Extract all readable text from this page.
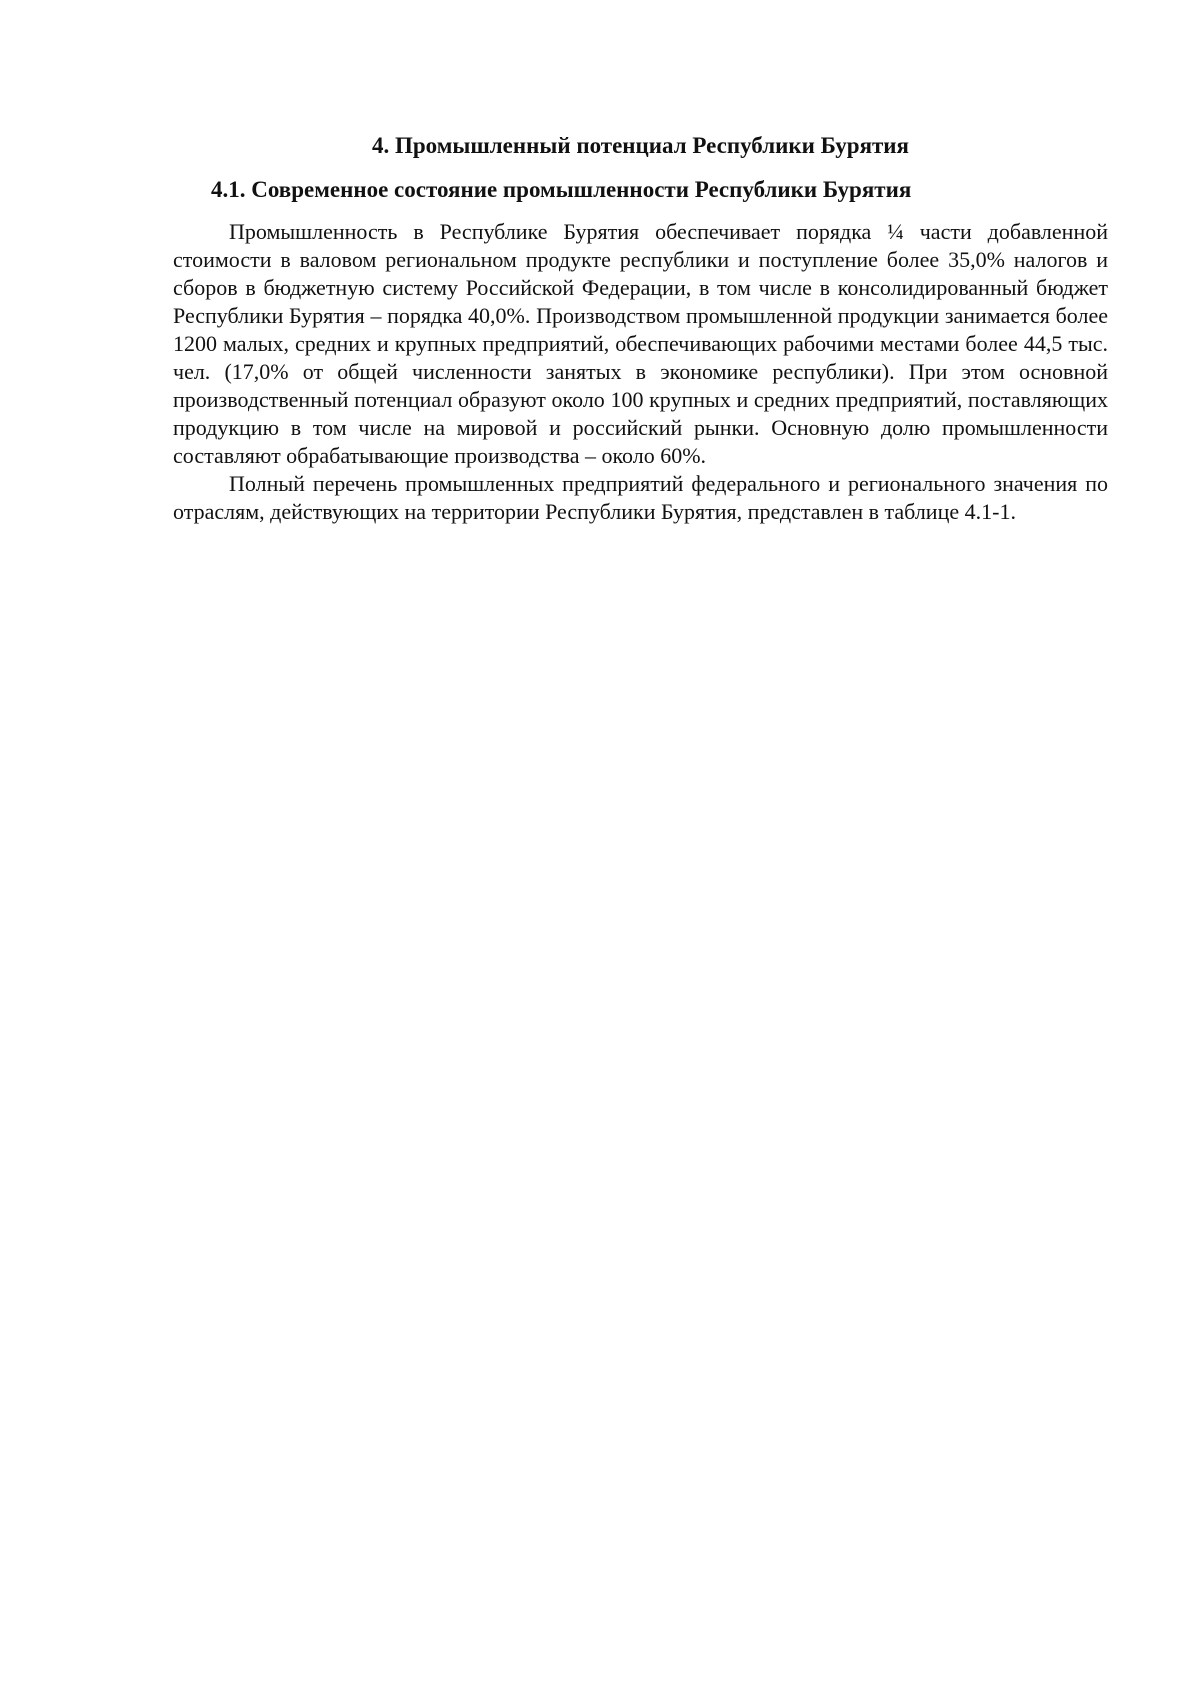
4. Промышленный потенциал Республики Бурятия
4.1. Современное состояние промышленности Республики Бурятия

Промышленность в Республике Бурятия обеспечивает порядка ¼ части добавленной стоимости в валовом региональном продукте республики и поступление более 35,0% налогов и сборов в бюджетную систему Российской Федерации, в том числе в консолидированный бюджет Республики Бурятия – порядка 40,0%. Производством промышленной продукции занимается более 1200 малых, средних и крупных предприятий, обеспечивающих рабочими местами более 44,5 тыс. чел. (17,0% от общей численности занятых в экономике республики). При этом основной производственный потенциал образуют около 100 крупных и средних предприятий, поставляющих продукцию в том числе на мировой и российский рынки. Основную долю промышленности составляют обрабатывающие производства – около 60%.

Полный перечень промышленных предприятий федерального и регионального значения по отраслям, действующих на территории Республики Бурятия, представлен в таблице 4.1-1.
